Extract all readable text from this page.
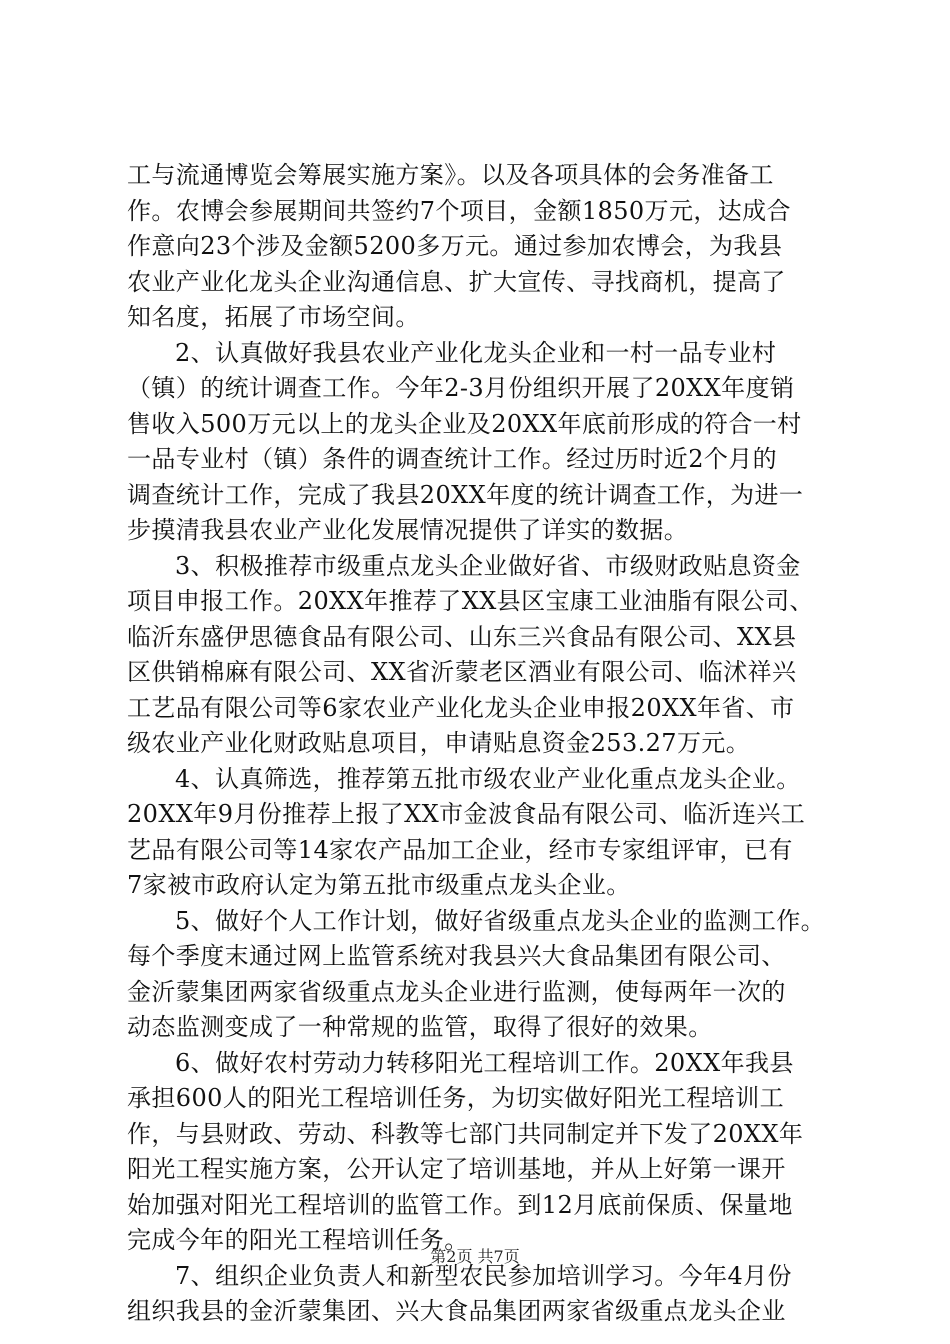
工与流通博览会筹展实施方案》。以及各项具体的会务准备工
作。农博会参展期间共签约7个项目，金额1850万元，达成合
作意向23个涉及金额5200多万元。通过参加农博会，为我县
农业产业化龙头企业沟通信息、扩大宣传、寻找商机，提高了
知名度，拓展了市场空间。
2、认真做好我县农业产业化龙头企业和一村一品专业村
（镇）的统计调查工作。今年2-3月份组织开展了20XX年度销
售收入500万元以上的龙头企业及20XX年底前形成的符合一村
一品专业村（镇）条件的调查统计工作。经过历时近2个月的
调查统计工作，完成了我县20XX年度的统计调查工作，为进一
步摸清我县农业产业化发展情况提供了详实的数据。
3、积极推荐市级重点龙头企业做好省、市级财政贴息资金
项目申报工作。20XX年推荐了XX县区宝康工业油脂有限公司、
临沂东盛伊思德食品有限公司、山东三兴食品有限公司、XX县
区供销棉麻有限公司、XX省沂蒙老区酒业有限公司、临沭祥兴
工艺品有限公司等6家农业产业化龙头企业申报20XX年省、市
级农业产业化财政贴息项目，申请贴息资金253.27万元。
4、认真筛选，推荐第五批市级农业产业化重点龙头企业。
20XX年9月份推荐上报了XX市金波食品有限公司、临沂连兴工
艺品有限公司等14家农产品加工企业，经市专家组评审，已有
7家被市政府认定为第五批市级重点龙头企业。
5、做好个人工作计划，做好省级重点龙头企业的监测工作。
每个季度末通过网上监管系统对我县兴大食品集团有限公司、
金沂蒙集团两家省级重点龙头企业进行监测，使每两年一次的
动态监测变成了一种常规的监管，取得了很好的效果。
6、做好农村劳动力转移阳光工程培训工作。20XX年我县
承担600人的阳光工程培训任务，为切实做好阳光工程培训工
作，与县财政、劳动、科教等七部门共同制定并下发了20XX年
阳光工程实施方案，公开认定了培训基地，并从上好第一课开
始加强对阳光工程培训的监管工作。到12月底前保质、保量地
完成今年的阳光工程培训任务。
7、组织企业负责人和新型农民参加培训学习。今年4月份
组织我县的金沂蒙集团、兴大食品集团两家省级重点龙头企业
第2页 共7页
